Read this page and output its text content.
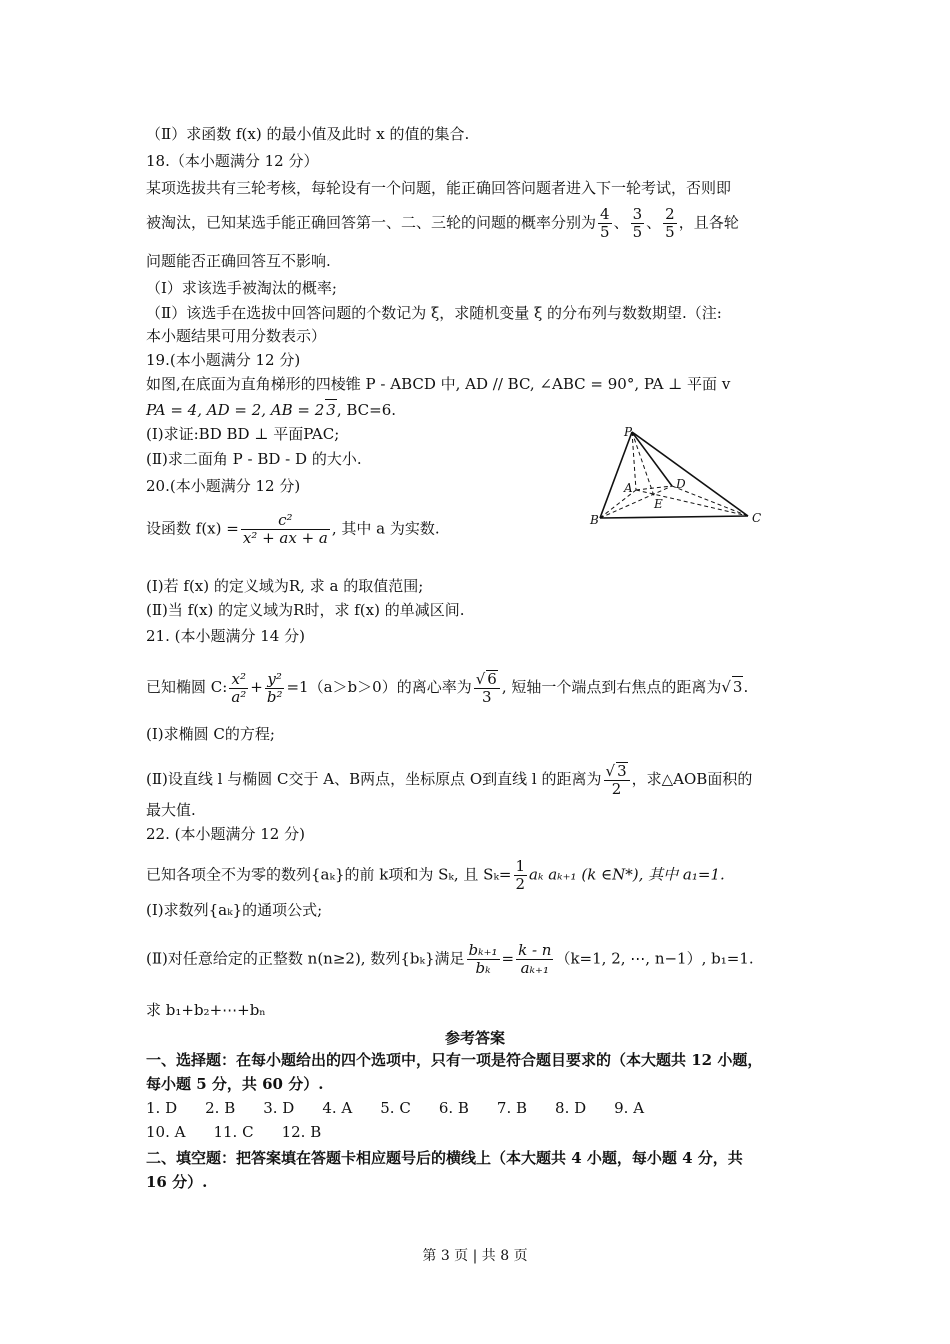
（Ⅱ）求函数 f(x) 的最小值及此时 x 的值的集合.
18.（本小题满分 12 分）
某项选拔共有三轮考核，每轮设有一个问题，能正确回答问题者进入下一轮考试，否则即
被淘汰，已知某选手能正确回答第一、二、三轮的问题的概率分别为 $\frac{4}{5}$ 、 $\frac{3}{5}$ 、 $\frac{2}{5}$ ，且各轮
问题能否正确回答互不影响.
（Ⅰ）求该选手被淘汰的概率;
（Ⅱ）该选手在选拔中回答问题的个数记为 ξ，求随机变量 ξ 的分布列与数数期望.（注:
本小题结果可用分数表示）
19.(本小题满分 12 分)
如图,在底面为直角梯形的四棱锥 P - ABCD 中, AD // BC, ∠ABC = 90°, PA ⊥ 平面 v
PA = 4, AD = 2, AB = 2 3, BC=6.
(Ⅰ)求证:BD BD ⊥ 平面PAC;
(Ⅱ)求二面角 P - BD - D 的大小.
P
A
B	C
D
E
20.(本小题满分 12 分)
设函数 $f(x) = \frac{\text{c²}}{\text{x² + ax + a}}$ , 其中 a 为实数.
(Ⅰ)若 f(x) 的定义域为R, 求 a 的取值范围;
(Ⅱ)当 f(x) 的定义域为R时，求 f(x) 的单减区间.
21. (本小题满分 14 分)
已知椭圆 C: $\frac{\text{x²}}{\text{a²}} + \frac{\text{y²}}{\text{b²}} =1(a>b>0)$的离心率为 $\frac{√ 6}{3}$ , 短轴一个端点到右焦点的距离为√ 3.
(Ⅰ)求椭圆 C的方程;
(Ⅱ)设直线 l 与椭圆 C交于 A、B两点，坐标原点 O到直线 l 的距离为 $\frac{√ 3}{2}$ ，求△AOB面积的
最大值.
22. (本小题满分 12 分)
已知各项全不为零的数列{aₖ}的前 k项和为 Sₖ, 且 $S_k= \frac{1}{2}$ aₖ aₖ₊₁ (k ∈N*), 其中 a₁=1.
(Ⅰ)求数列{aₖ}的通项公式;
(Ⅱ)对任意给定的正整数 n(n≥2), 数列{bₖ}满足 $\frac{\text{bₖ₊₁}}{\text{bₖ}} = \frac{k - n}{\text{aₖ₊₁}} (k=1$, 2, ⋯, n−1）, b₁=1.
求 b₁+b₂+⋯+bₙ
参考答案
一、选择题：在每小题给出的四个选项中，只有一项是符合题目要求的（本大题共 12 小题，
每小题 5 分，共 60 分）.
1. D 2. B 3. D 4. A 5. C 6. B 7. B 8. D 9. A
10. A 11. C 12. B
二、填空题：把答案填在答题卡相应题号后的横线上（本大题共 4 小题，每小题 4 分，共
16 分）.
第 3 页 | 共 8 页
